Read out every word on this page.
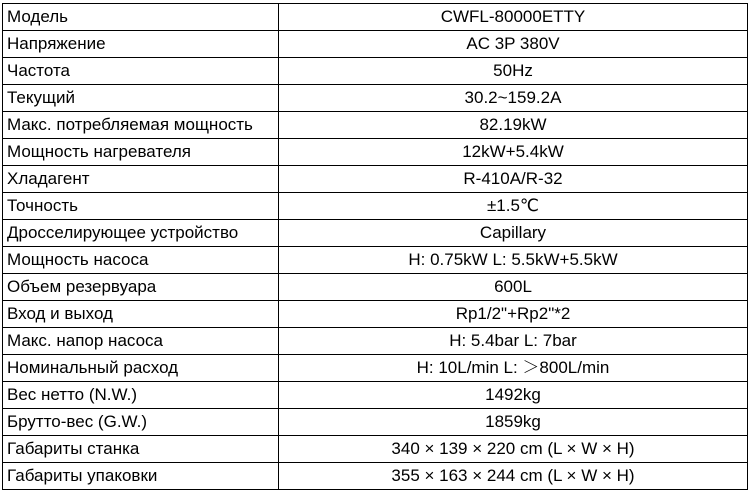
Модель	CWFL-80000ETTY
Напряжение	AC 3P 380V
Частота	50Hz
Текущий	30.2~159.2A
Макс. потребляемая мощность	82.19kW
Мощность нагревателя	12kW+5.4kW
Хладагент	R-410A/R-32
Точность	±1.5℃
Дросселирующее устройство	Capillary
Мощность насоса	H: 0.75kW L: 5.5kW+5.5kW
Объем резервуара	600L
Вход и выход	Rp1/2"+Rp2"*2
Макс. напор насоса	H: 5.4bar L: 7bar
Номинальный расход	H: 10L/min L: ＞800L/min
Вес нетто (N.W.)	1492kg
Брутто-вес (G.W.)	1859kg
Габариты станка	340 × 139 × 220 cm (L × W × H)
Габариты упаковки	355 × 163 × 244 cm (L × W × H)
